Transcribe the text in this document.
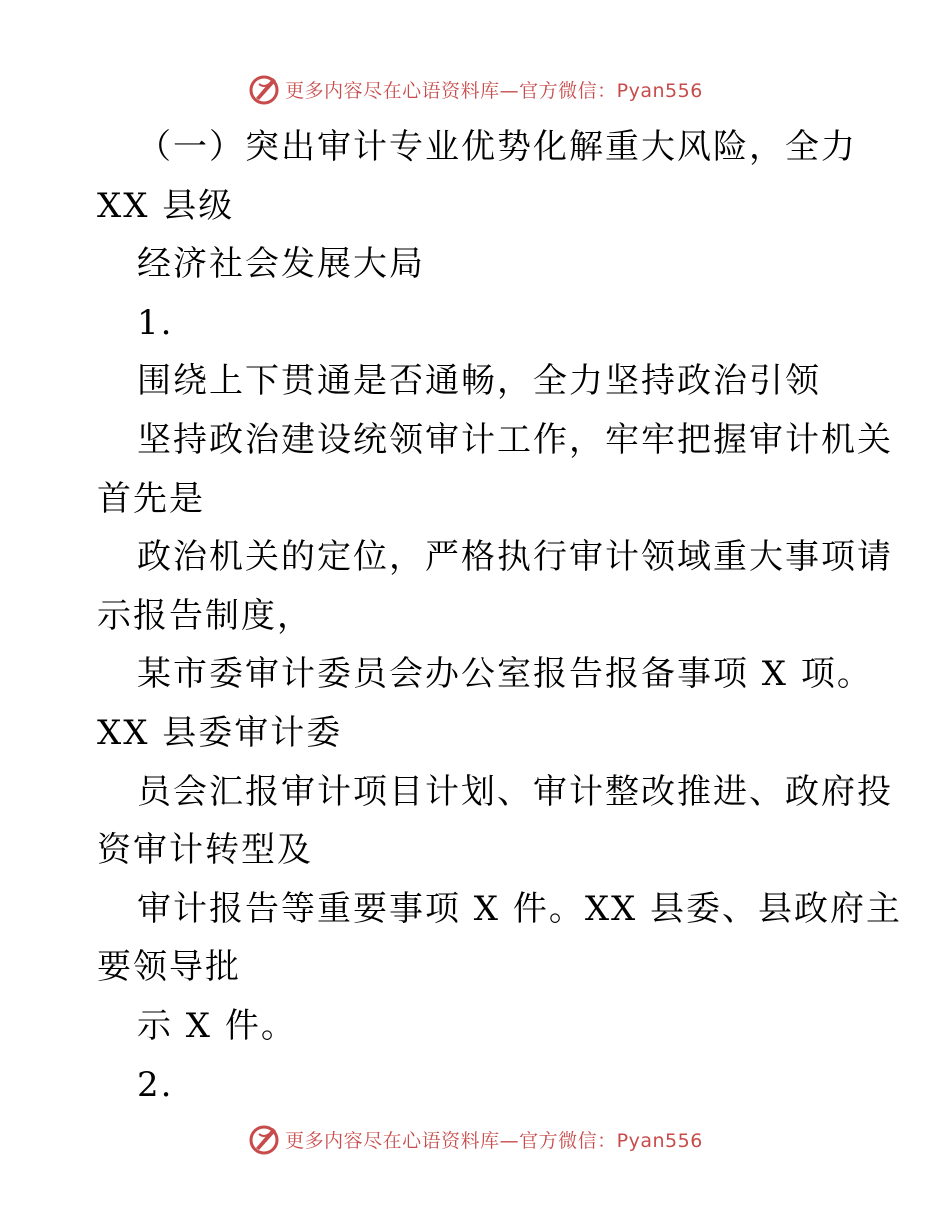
更多内容尽在心语资料库—官方微信：Pyan556
（一）突出审计专业优势化解重大风险，全力
XX 县级
经济社会发展大局
1.
围绕上下贯通是否通畅，全力坚持政治引领
坚持政治建设统领审计工作，牢牢把握审计机关
首先是
政治机关的定位，严格执行审计领域重大事项请
示报告制度，
某市委审计委员会办公室报告报备事项 X 项。
XX 县委审计委
员会汇报审计项目计划、审计整改推进、政府投
资审计转型及
审计报告等重要事项 X 件。XX 县委、县政府主
要领导批
示 X 件。
2.
更多内容尽在心语资料库—官方微信：Pyan556
